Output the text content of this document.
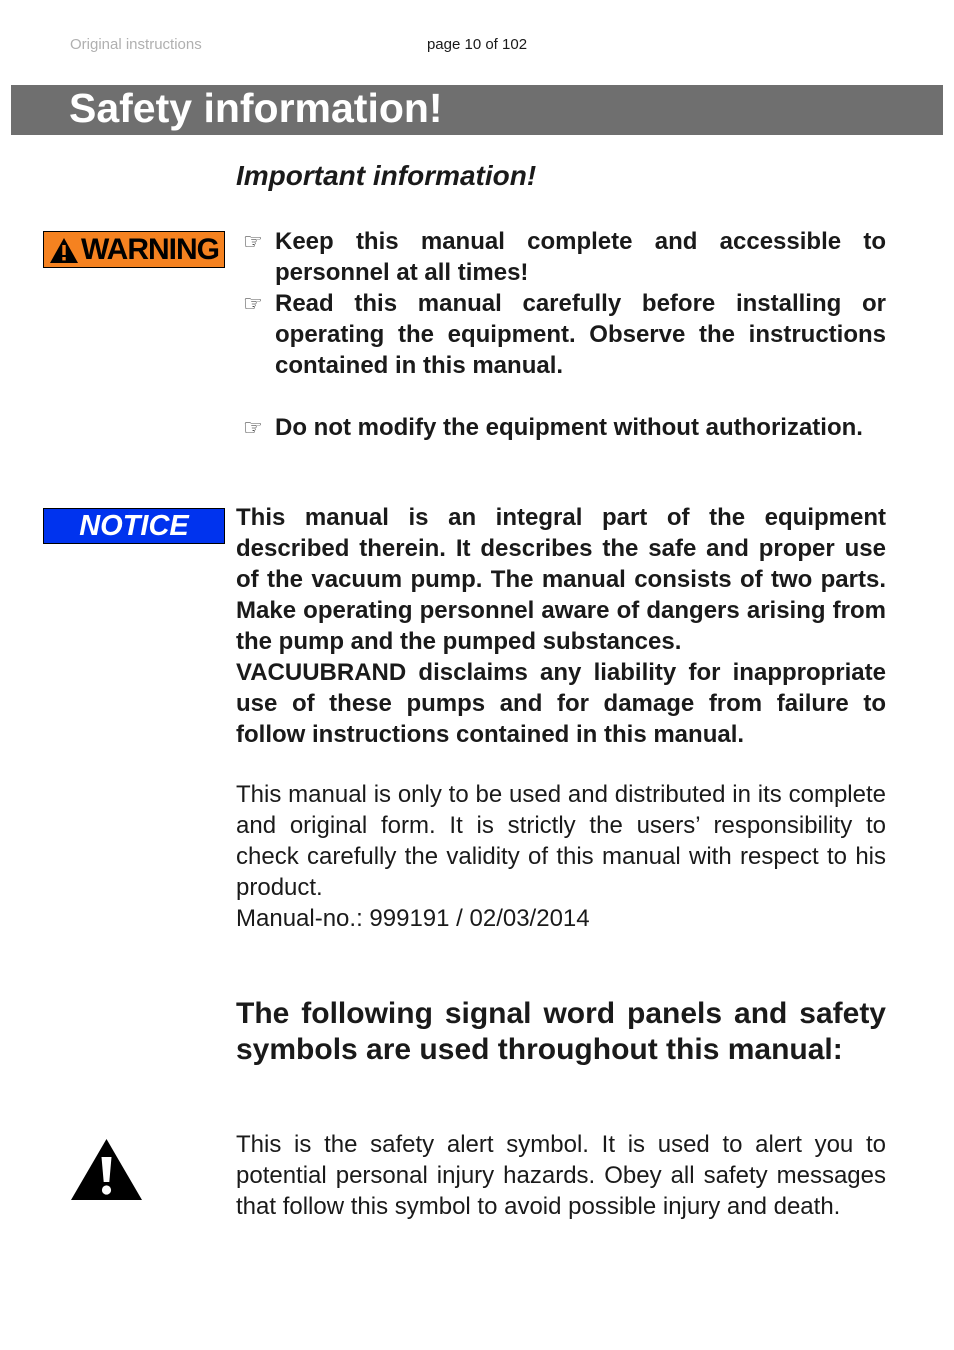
Original instructions	page 10 of 102
Safety information!
Important information!
WARNING ☞ Keep this manual complete and accessible to personnel at all times!
☞ Read this manual carefully before installing or operating the equipment. Observe the instructions contained in this manual.
☞ Do not modify the equipment without authorization.
NOTICE This manual is an integral part of the equipment described therein. It describes the safe and proper use of the vacuum pump. The manual consists of two parts. Make operating personnel aware of dangers arising from the pump and the pumped substances.

VACUUBRAND disclaims any liability for inappropriate use of these pumps and for damage from failure to follow instructions contained in this manual.

This manual is only to be used and distributed in its complete and original form. It is strictly the users’ responsibility to check carefully the validity of this manual with respect to his product.

Manual-no.: 999191 / 02/03/2014

The following signal word panels and safety symbols are used throughout this manual:

This is the safety alert symbol. It is used to alert you to potential personal injury hazards. Obey all safety messages that follow this symbol to avoid possible injury and death.
